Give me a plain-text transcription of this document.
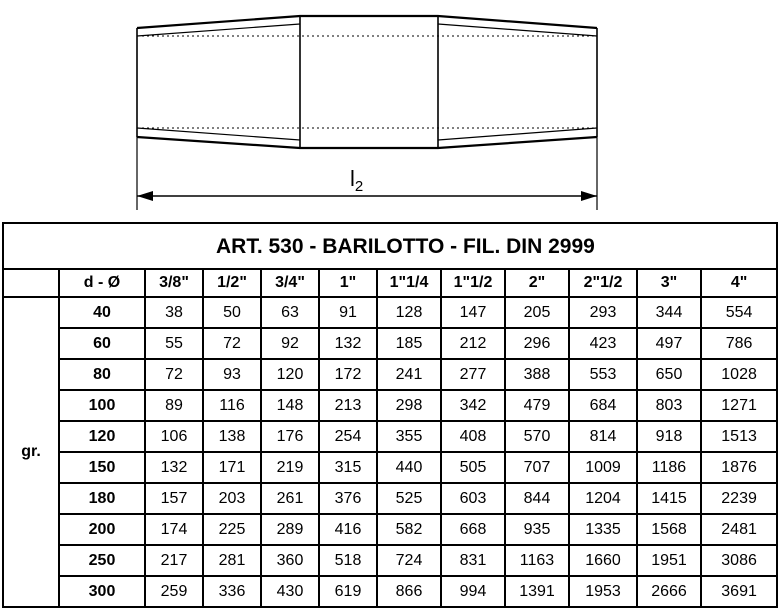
$l_2$
ART. 530 - BARILOTTO - FIL. DIN 2999											
	d - Ø	3/8"	1/2"	3/4"	1"	1"1/4	1"1/2	2"	2"1/2	3"	4"
gr.	40	38	50	63	91	128	147	205	293	344	554
	60	55	72	92	132	185	212	296	423	497	786
	80	72	93	120	172	241	277	388	553	650	1028
	100	89	116	148	213	298	342	479	684	803	1271
	120	106	138	176	254	355	408	570	814	918	1513
	150	132	171	219	315	440	505	707	1009	1186	1876
	180	157	203	261	376	525	603	844	1204	1415	2239
	200	174	225	289	416	582	668	935	1335	1568	2481
	250	217	281	360	518	724	831	1163	1660	1951	3086
	300	259	336	430	619	866	994	1391	1953	2666	3691
